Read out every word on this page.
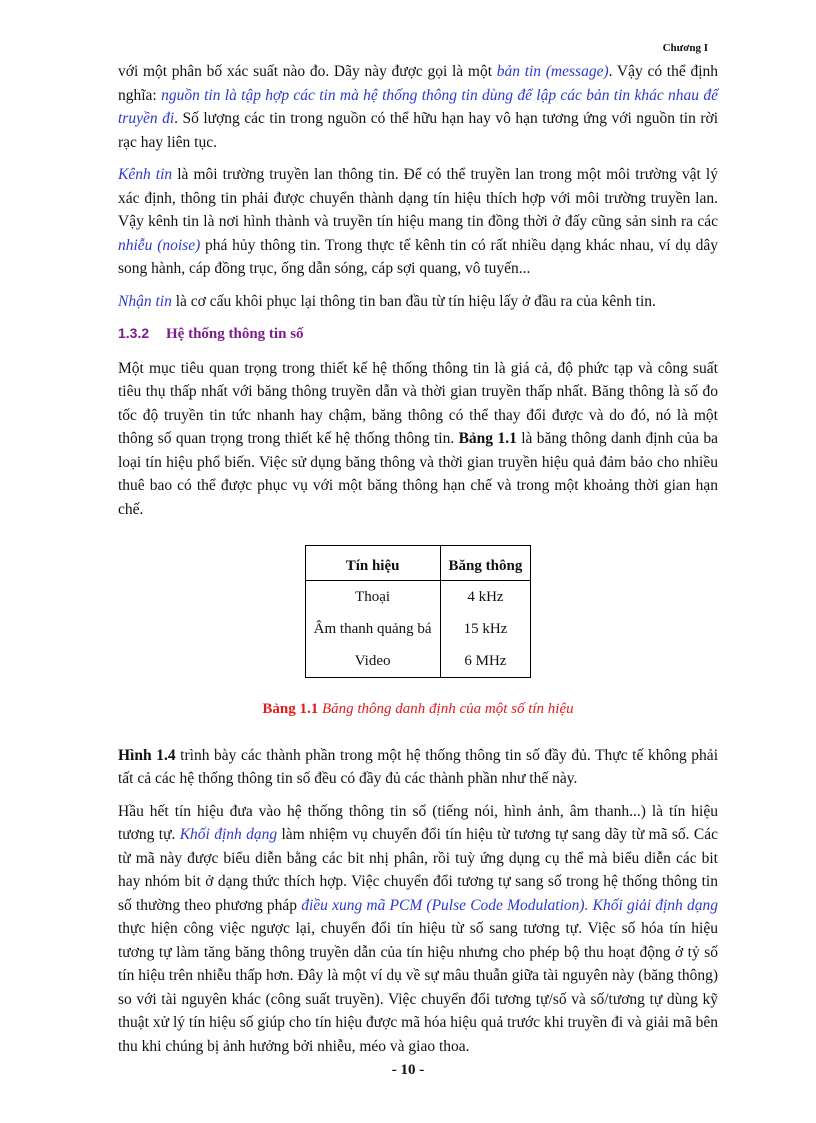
Chương I

với một phân bố xác suất nào đo. Dãy này được gọi là một bản tin (message). Vậy có thể định nghĩa: nguồn tin là tập hợp các tin mà hệ thống thông tin dùng để lập các bản tin khác nhau để truyền đi. Số lượng các tin trong nguồn có thể hữu hạn hay vô hạn tương ứng với nguồn tin rời rạc hay liên tục.

Kênh tin là môi trường truyền lan thông tin. Để có thể truyền lan trong một môi trường vật lý xác định, thông tin phải được chuyển thành dạng tín hiệu thích hợp với môi trường truyền lan. Vậy kênh tin là nơi hình thành và truyền tín hiệu mang tin đồng thời ở đấy cũng sản sinh ra các nhiễu (noise) phá hủy thông tin. Trong thực tế kênh tin có rất nhiều dạng khác nhau, ví dụ dây song hành, cáp đồng trục, ống dẫn sóng, cáp sợi quang, vô tuyến...

Nhận tin là cơ cấu khôi phục lại thông tin ban đầu từ tín hiệu lấy ở đầu ra của kênh tin.

1.3.2 Hệ thống thông tin số

Một mục tiêu quan trọng trong thiết kế hệ thống thông tin là giá cả, độ phức tạp và công suất tiêu thụ thấp nhất với băng thông truyền dẫn và thời gian truyền thấp nhất. Băng thông là số đo tốc độ truyền tin tức nhanh hay chậm, băng thông có thể thay đổi được và do đó, nó là một thông số quan trọng trong thiết kế hệ thống thông tin. Bảng 1.1 là băng thông danh định của ba loại tín hiệu phổ biến. Việc sử dụng băng thông và thời gian truyền hiệu quả đảm bảo cho nhiều thuê bao có thể được phục vụ với một băng thông hạn chế và trong một khoảng thời gian hạn chế.

Tín hiệu	Băng thông
Thoại	4 kHz
Âm thanh quảng bá	15 kHz
Video	6 MHz
Bảng 1.1 Băng thông danh định của một số tín hiệu

Hình 1.4 trình bày các thành phần trong một hệ thống thông tin số đầy đủ. Thực tế không phải tất cả các hệ thống thông tin số đều có đầy đủ các thành phần như thế này.

Hầu hết tín hiệu đưa vào hệ thống thông tin số (tiếng nói, hình ảnh, âm thanh...) là tín hiệu tương tự. Khối định dạng làm nhiệm vụ chuyển đổi tín hiệu từ tương tự sang dãy từ mã số. Các từ mã này được biểu diễn bằng các bit nhị phân, rồi tuỳ ứng dụng cụ thể mà biểu diễn các bit hay nhóm bit ở dạng thức thích hợp. Việc chuyển đổi tương tự sang số trong hệ thống thông tin số thường theo phương pháp điều xung mã PCM (Pulse Code Modulation). Khối giải định dạng thực hiện công việc ngược lại, chuyển đổi tín hiệu từ số sang tương tự. Việc số hóa tín hiệu tương tự làm tăng băng thông truyền dẫn của tín hiệu nhưng cho phép bộ thu hoạt động ở tỷ số tín hiệu trên nhiễu thấp hơn. Đây là một ví dụ về sự mâu thuẫn giữa tài nguyên này (băng thông) so với tài nguyên khác (công suất truyền). Việc chuyển đổi tương tự/số và số/tương tự dùng kỹ thuật xử lý tín hiệu số giúp cho tín hiệu được mã hóa hiệu quả trước khi truyền đi và giải mã bên thu khi chúng bị ảnh hưởng bởi nhiễu, méo và giao thoa.

- 10 -
